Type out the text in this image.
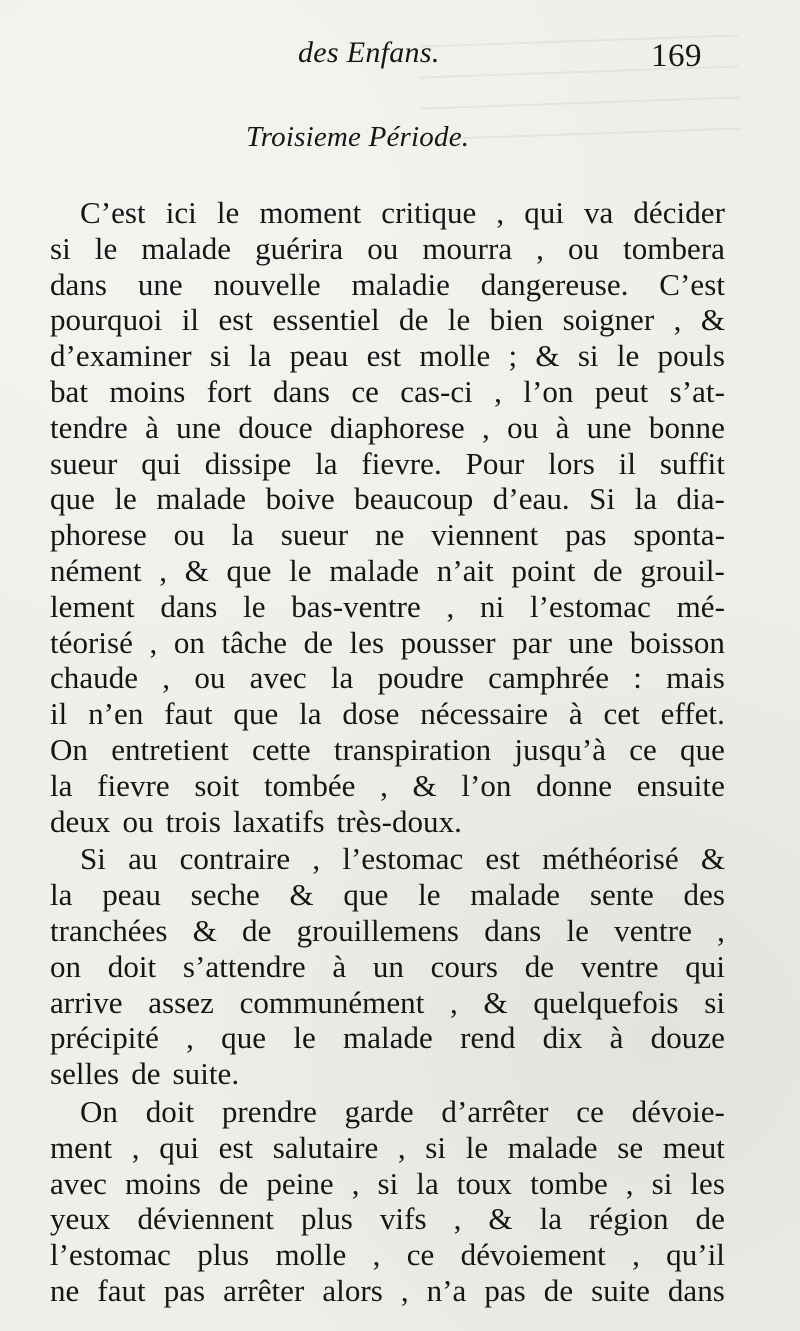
des Enfans.	169
Troisieme Période.
C’est ici le moment critique , qui va décider
si le malade guérira ou mourra , ou tombera
dans une nouvelle maladie dangereuse. C’est
pourquoi il est essentiel de le bien soigner , &
d’examiner si la peau est molle ; & si le pouls
bat moins fort dans ce cas-ci , l’on peut s’at-
tendre à une douce diaphorese , ou à une bonne
sueur qui dissipe la fievre. Pour lors il suffit
que le malade boive beaucoup d’eau. Si la dia-
phorese ou la sueur ne viennent pas sponta-
nément , & que le malade n’ait point de grouil-
lement dans le bas-ventre , ni l’estomac mé-
téorisé , on tâche de les pousser par une boisson
chaude , ou avec la poudre camphrée : mais
il n’en faut que la dose nécessaire à cet effet.
On entretient cette transpiration jusqu’à ce que
la fievre soit tombée , & l’on donne ensuite
deux ou trois laxatifs très-doux.
Si au contraire , l’estomac est méthéorisé &
la peau seche & que le malade sente des
tranchées & de grouillemens dans le ventre ,
on doit s’attendre à un cours de ventre qui
arrive assez communément , & quelquefois si
précipité , que le malade rend dix à douze
selles de suite.
On doit prendre garde d’arrêter ce dévoie-
ment , qui est salutaire , si le malade se meut
avec moins de peine , si la toux tombe , si les
yeux déviennent plus vifs , & la région de
l’estomac plus molle , ce dévoiement , qu’il
ne faut pas arrêter alors , n’a pas de suite dans
